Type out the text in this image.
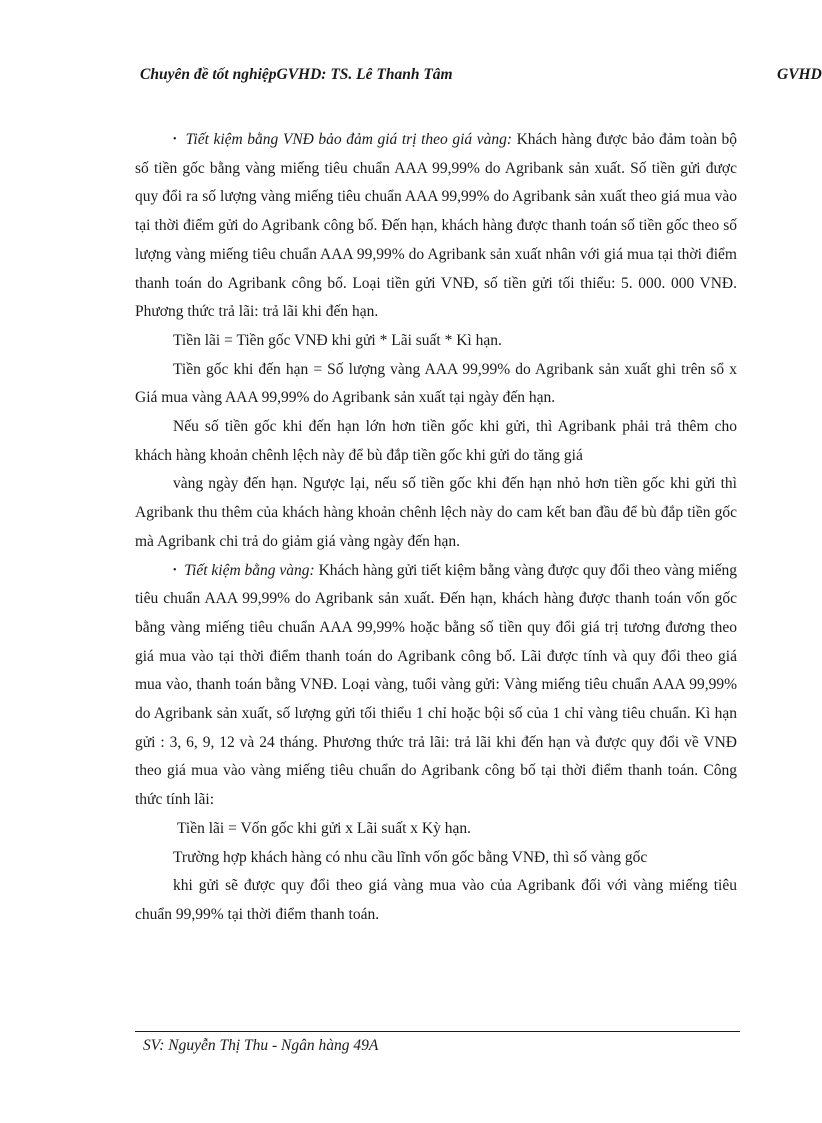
Chuyên đề tốt nghiệpGVHD: TS. Lê Thanh Tâm	GVHD

• Tiết kiệm bằng VNĐ bảo đảm giá trị theo giá vàng: Khách hàng được bảo đảm toàn bộ số tiền gốc bằng vàng miếng tiêu chuẩn AAA 99,99% do Agribank sản xuất. Số tiền gửi được quy đổi ra số lượng vàng miếng tiêu chuẩn AAA 99,99% do Agribank sản xuất theo giá mua vào tại thời điểm gửi do Agribank công bố. Đến hạn, khách hàng được thanh toán số tiền gốc theo số lượng vàng miếng tiêu chuẩn AAA 99,99% do Agribank sản xuất nhân với giá mua tại thời điểm thanh toán do Agribank công bố. Loại tiền gửi VNĐ, số tiền gửi tối thiểu: 5. 000. 000 VNĐ. Phương thức trả lãi: trả lãi khi đến hạn.

Tiền lãi = Tiền gốc VNĐ khi gửi * Lãi suất * Kì hạn.

Tiền gốc khi đến hạn = Số lượng vàng AAA 99,99% do Agribank sản xuất ghi trên sổ x Giá mua vàng AAA 99,99% do Agribank sản xuất tại ngày đến hạn.

Nếu số tiền gốc khi đến hạn lớn hơn tiền gốc khi gửi, thì Agribank phải trả thêm cho khách hàng khoản chênh lệch này để bù đắp tiền gốc khi gửi do tăng giá

vàng ngày đến hạn. Ngược lại, nếu số tiền gốc khi đến hạn nhỏ hơn tiền gốc khi gửi thì Agribank thu thêm của khách hàng khoản chênh lệch này do cam kết ban đầu để bù đắp tiền gốc mà Agribank chi trả do giảm giá vàng ngày đến hạn.

• Tiết kiệm bằng vàng: Khách hàng gửi tiết kiệm bằng vàng được quy đổi theo vàng miếng tiêu chuẩn AAA 99,99% do Agribank sản xuất. Đến hạn, khách hàng được thanh toán vốn gốc bằng vàng miếng tiêu chuẩn AAA 99,99% hoặc bằng số tiền quy đổi giá trị tương đương theo giá mua vào tại thời điểm thanh toán do Agribank công bố. Lãi được tính và quy đổi theo giá mua vào, thanh toán bằng VNĐ. Loại vàng, tuổi vàng gửi: Vàng miếng tiêu chuẩn AAA 99,99% do Agribank sản xuất, số lượng gửi tối thiểu 1 chỉ hoặc bội số của 1 chỉ vàng tiêu chuẩn. Kì hạn gửi : 3, 6, 9, 12 và 24 tháng. Phương thức trả lãi: trả lãi khi đến hạn và được quy đổi về VNĐ theo giá mua vào vàng miếng tiêu chuẩn do Agribank công bố tại thời điểm thanh toán. Công thức tính lãi:

Tiền lãi = Vốn gốc khi gửi x Lãi suất x Kỳ hạn.

Trường hợp khách hàng có nhu cầu lĩnh vốn gốc bằng VNĐ, thì số vàng gốc

khi gửi sẽ được quy đổi theo giá vàng mua vào của Agribank đối với vàng miếng tiêu chuẩn 99,99% tại thời điểm thanh toán.

SV: Nguyễn Thị Thu - Ngân hàng 49A
